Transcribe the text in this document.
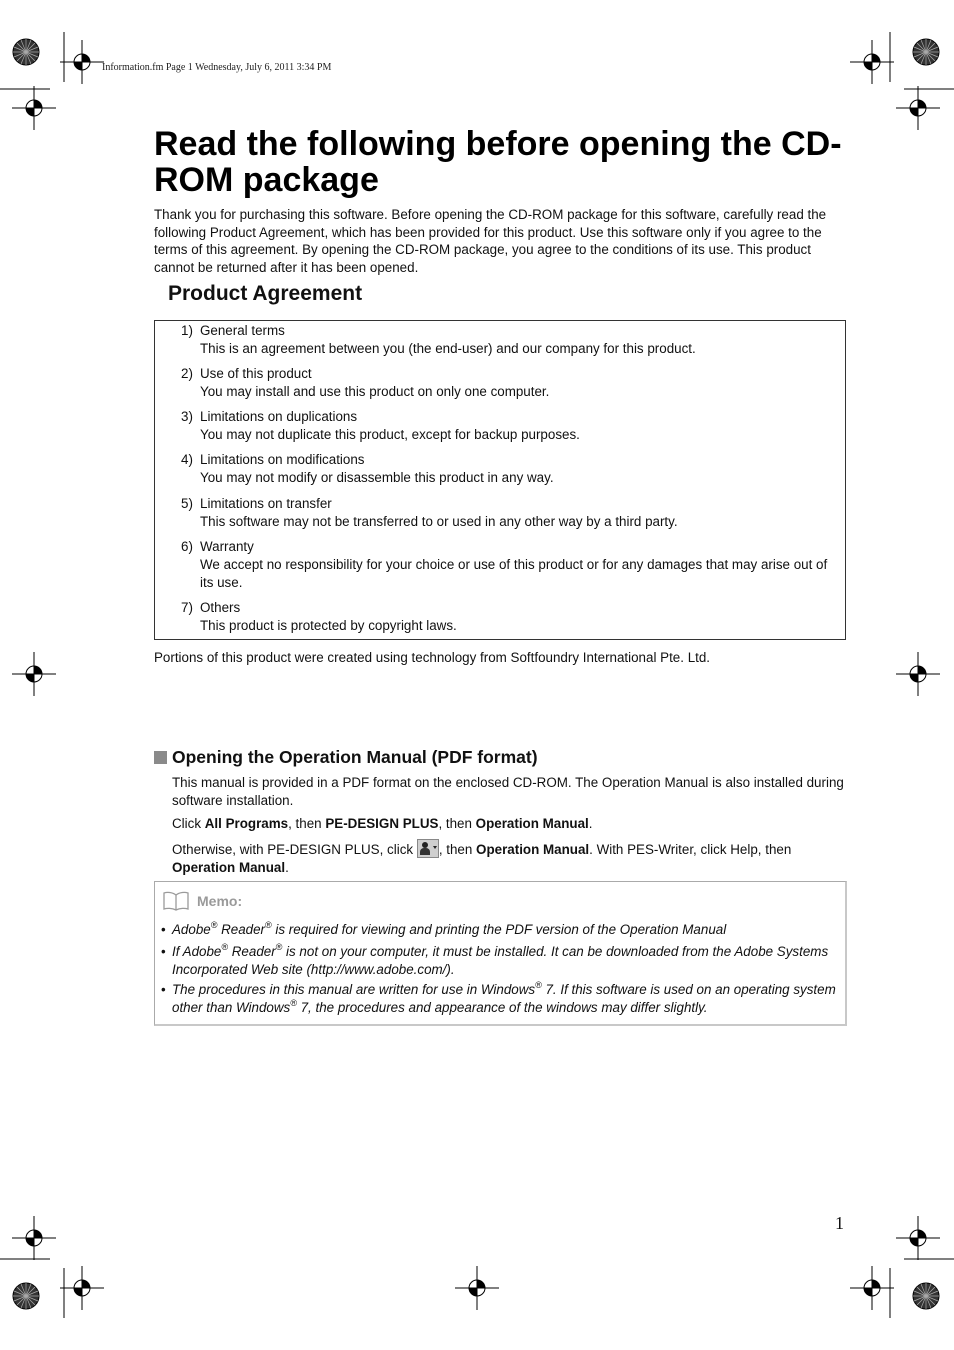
Information.fm Page 1 Wednesday, July 6, 2011 3:34 PM
Read the following before opening the CD-ROM package

Thank you for purchasing this software. Before opening the CD-ROM package for this software, carefully read the following Product Agreement, which has been provided for this product. Use this software only if you agree to the terms of this agreement. By opening the CD-ROM package, you agree to the conditions of its use. This product cannot be returned after it has been opened.

Product Agreement
1) General terms

This is an agreement between you (the end-user) and our company for this product.
2) Use of this product

You may install and use this product on only one computer.
3) Limitations on duplications

You may not duplicate this product, except for backup purposes.
4) Limitations on modifications

You may not modify or disassemble this product in any way.
5) Limitations on transfer

This software may not be transferred to or used in any other way by a third party.
6) Warranty

We accept no responsibility for your choice or use of this product or for any damages that may arise out of its use.
7) Others

This product is protected by copyright laws.

Portions of this product were created using technology from Softfoundry International Pte. Ltd.

Opening the Operation Manual (PDF format)

This manual is provided in a PDF format on the enclosed CD-ROM. The Operation Manual is also installed during software installation.

Click All Programs, then PE-DESIGN PLUS, then Operation Manual.

Otherwise, with PE-DESIGN PLUS, click
, then Operation Manual. With PES-Writer, click Help, then Operation Manual.

Memo:
• Adobe® Reader® is required for viewing and printing the PDF version of the Operation Manual
• If Adobe® Reader® is not on your computer, it must be installed. It can be downloaded from the Adobe Systems Incorporated Web site (http://www.adobe.com/).
• The procedures in this manual are written for use in Windows® 7. If this software is used on an operating system other than Windows® 7, the procedures and appearance of the windows may differ slightly.
1
